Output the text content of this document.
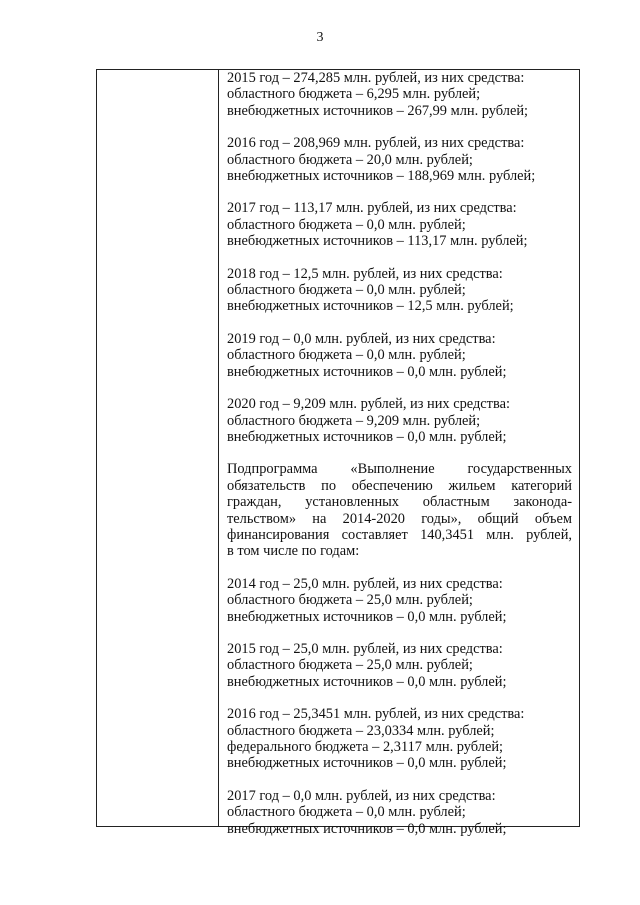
3
2015 год – 274,285 млн. рублей, из них средства:
областного бюджета – 6,295 млн. рублей;
внебюджетных источников – 267,99 млн. рублей;
2016 год – 208,969 млн. рублей, из них средства:
областного бюджета – 20,0 млн. рублей;
внебюджетных источников – 188,969 млн. рублей;
2017 год – 113,17 млн. рублей, из них средства:
областного бюджета – 0,0 млн. рублей;
внебюджетных источников – 113,17 млн. рублей;
2018 год – 12,5 млн. рублей, из них средства:
областного бюджета – 0,0 млн. рублей;
внебюджетных источников – 12,5 млн. рублей;
2019 год – 0,0 млн. рублей, из них средства:
областного бюджета – 0,0 млн. рублей;
внебюджетных источников – 0,0 млн. рублей;
2020 год – 9,209 млн. рублей, из них средства:
областного бюджета – 9,209 млн. рублей;
внебюджетных источников – 0,0 млн. рублей;
Подпрограмма «Выполнение государственных
обязательств по обеспечению жильем категорий
граждан, установленных областным законода-
тельством» на 2014-2020 годы», общий объем
финансирования составляет 140,3451 млн. рублей,
в том числе по годам:
2014 год – 25,0 млн. рублей, из них средства:
областного бюджета – 25,0 млн. рублей;
внебюджетных источников – 0,0 млн. рублей;
2015 год – 25,0 млн. рублей, из них средства:
областного бюджета – 25,0 млн. рублей;
внебюджетных источников – 0,0 млн. рублей;
2016 год – 25,3451 млн. рублей, из них средства:
областного бюджета – 23,0334 млн. рублей;
федерального бюджета – 2,3117 млн. рублей;
внебюджетных источников – 0,0 млн. рублей;
2017 год – 0,0 млн. рублей, из них средства:
областного бюджета – 0,0 млн. рублей;
внебюджетных источников – 0,0 млн. рублей;
